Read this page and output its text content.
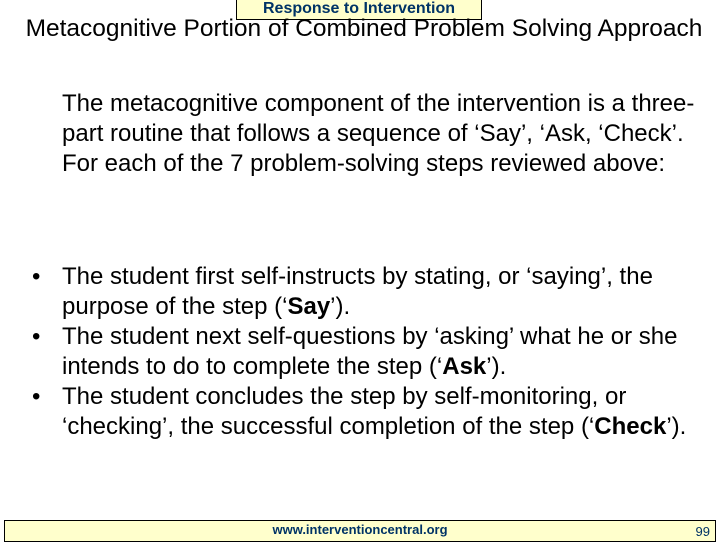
Response to Intervention
Metacognitive Portion of Combined Problem Solving Approach

The metacognitive component of the intervention is a three-part routine that follows a sequence of ‘Say’, ‘Ask, ‘Check’. For each of the 7 problem-solving steps reviewed above:

• The student first self-instructs by stating, or ‘saying’, the purpose of the step (‘Say’).
• The student next self-questions by ‘asking’ what he or she intends to do to complete the step (‘Ask’).
• The student concludes the step by self-monitoring, or ‘checking’, the successful completion of the step (‘Check’).
www.interventioncentral.org	99
